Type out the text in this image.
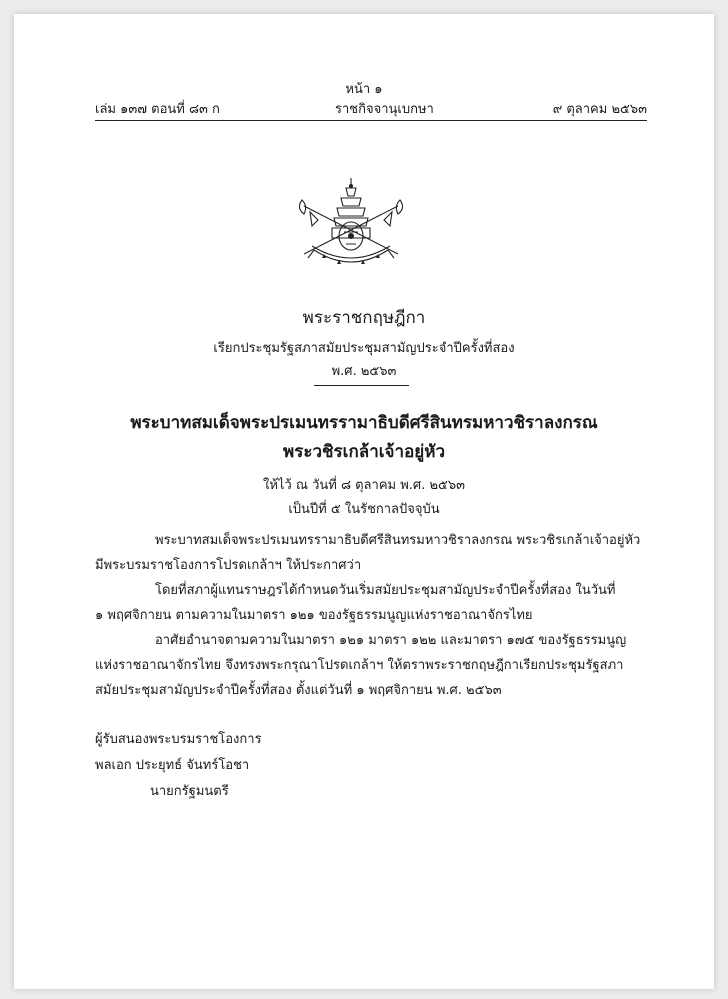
หน้า ๑
เล่ม ๑๓๗ ตอนที่ ๘๓ ก	ราชกิจจานุเบกษา	๙ ตุลาคม ๒๕๖๓
พระราชกฤษฎีกา
เรียกประชุมรัฐสภาสมัยประชุมสามัญประจำปีครั้งที่สอง
พ.ศ. ๒๕๖๓
พระบาทสมเด็จพระปรเมนทรรามาธิบดีศรีสินทรมหาวชิราลงกรณ
พระวชิรเกล้าเจ้าอยู่หัว
ให้ไว้ ณ วันที่ ๘ ตุลาคม พ.ศ. ๒๕๖๓
เป็นปีที่ ๕ ในรัชกาลปัจจุบัน

พระบาทสมเด็จพระปรเมนทรรามาธิบดีศรีสินทรมหาวชิราลงกรณ พระวชิรเกล้าเจ้าอยู่หัว

มีพระบรมราชโองการโปรดเกล้าฯ ให้ประกาศว่า

โดยที่สภาผู้แทนราษฎรได้กำหนดวันเริ่มสมัยประชุมสามัญประจำปีครั้งที่สอง ในวันที่

๑ พฤศจิกายน ตามความในมาตรา ๑๒๑ ของรัฐธรรมนูญแห่งราชอาณาจักรไทย

อาศัยอำนาจตามความในมาตรา ๑๒๑ มาตรา ๑๒๒ และมาตรา ๑๗๕ ของรัฐธรรมนูญ

แห่งราชอาณาจักรไทย จึงทรงพระกรุณาโปรดเกล้าฯ ให้ตราพระราชกฤษฎีกาเรียกประชุมรัฐสภา

สมัยประชุมสามัญประจำปีครั้งที่สอง ตั้งแต่วันที่ ๑ พฤศจิกายน พ.ศ. ๒๕๖๓

ผู้รับสนองพระบรมราชโองการ
พลเอก ประยุทธ์ จันทร์โอชา
นายกรัฐมนตรี
